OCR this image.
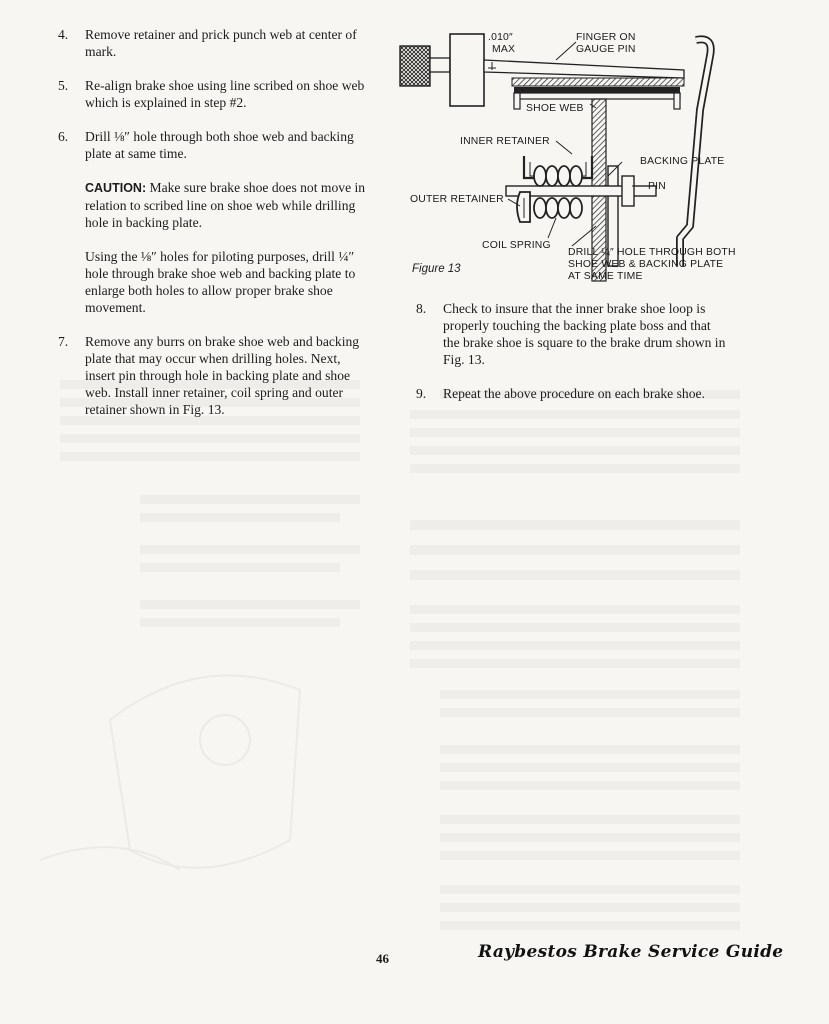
4. Remove retainer and prick punch web at center of mark.
5. Re-align brake shoe using line scribed on shoe web which is explained in step #2.
6. Drill ⅛″ hole through both shoe web and backing plate at same time.
CAUTION: Make sure brake shoe does not move in relation to scribed line on shoe web while drilling hole in backing plate.
Using the ⅛″ holes for piloting purposes, drill ¼″ hole through brake shoe web and backing plate to enlarge both holes to allow proper brake shoe movement.
7. Remove any burrs on brake shoe web and backing plate that may occur when drilling holes. Next, insert pin through hole in backing plate and shoe web. Install inner retainer, coil spring and outer retainer shown in Fig. 13.
.010″
MAX
FINGER ON
GAUGE PIN
SHOE WEB
INNER RETAINER
BACKING PLATE
PIN
OUTER RETAINER
COIL SPRING
DRILL ¼″ HOLE THROUGH BOTH
SHOE WEB & BACKING PLATE
AT SAME TIME
Figure 13
8. Check to insure that the inner brake shoe loop is properly touching the backing plate boss and that the brake shoe is square to the brake drum shown in Fig. 13.
9. Repeat the above procedure on each brake shoe.
46	Raybestos Brake Service Guide
